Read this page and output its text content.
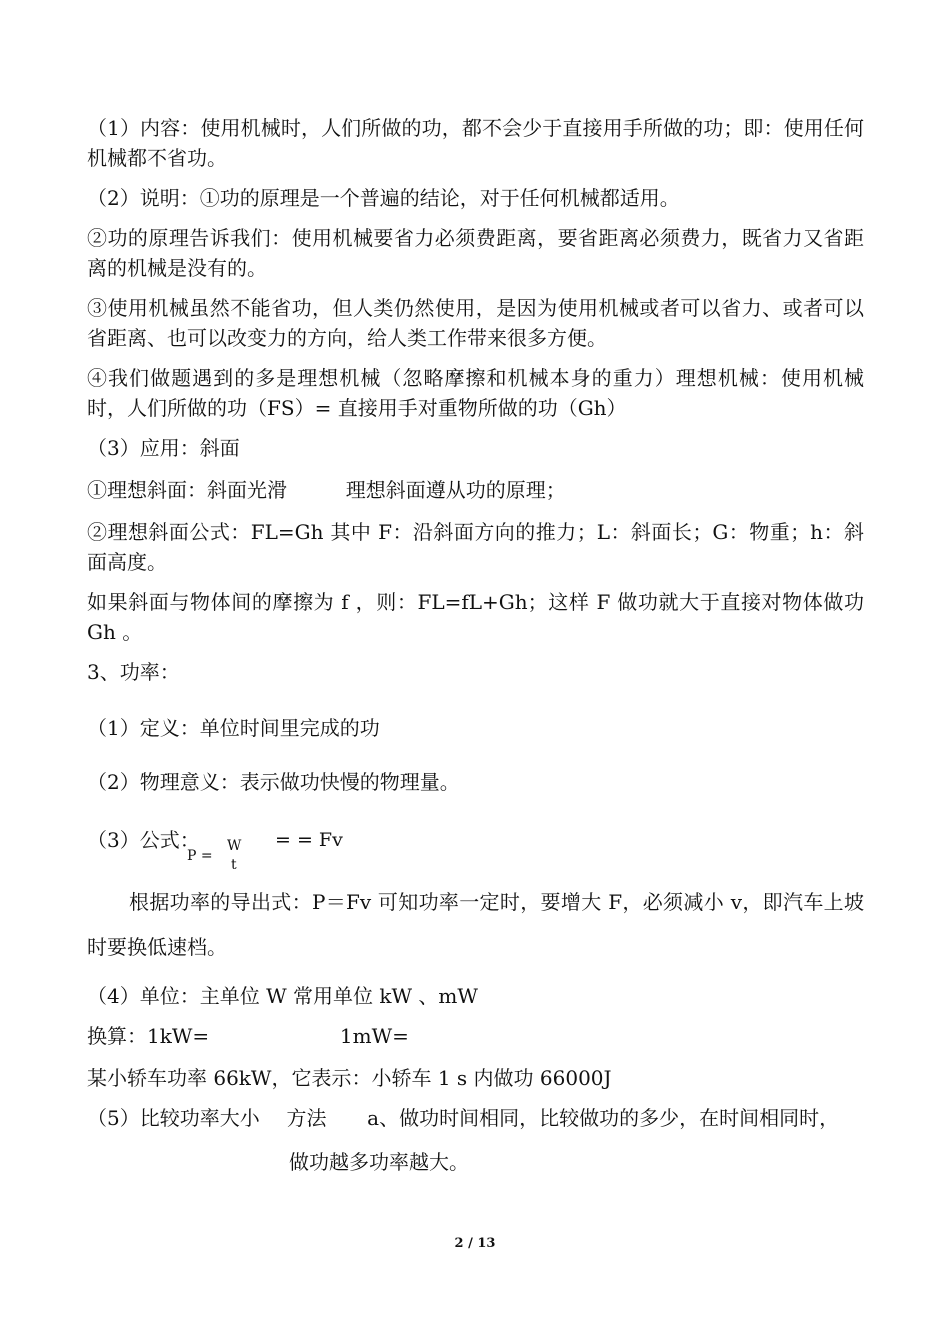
（1）内容：使用机械时，人们所做的功，都不会少于直接用手所做的功；即：使用任何机械都不省功。
（2）说明：①功的原理是一个普遍的结论，对于任何机械都适用。
②功的原理告诉我们：使用机械要省力必须费距离，要省距离必须费力，既省力又省距离的机械是没有的。
③使用机械虽然不能省功，但人类仍然使用，是因为使用机械或者可以省力、或者可以省距离、也可以改变力的方向，给人类工作带来很多方便。
④我们做题遇到的多是理想机械（忽略摩擦和机械本身的重力）理想机械：使用机械时，人们所做的功（FS）= 直接用手对重物所做的功（Gh）
（3）应用：斜面
①理想斜面：斜面光滑	理想斜面遵从功的原理；
②理想斜面公式：FL=Gh 其中 F：沿斜面方向的推力；L：斜面长；G：物重；h：斜面高度。
如果斜面与物体间的摩擦为 f ，则：FL=fL+Gh；这样 F 做功就大于直接对物体做功 Gh 。
3、功率：
（1）定义：单位时间里完成的功
（2）物理意义：表示做功快慢的物理量。
（3）公式：
P =
W
t
= = Fv
根据功率的导出式：P＝Fv 可知功率一定时，要增大 F，必须减小 v，即汽车上坡时要换低速档。
（4）单位：主单位 W 常用单位 kW 、mW
换算：1kW=	1mW=
某小轿车功率 66kW，它表示：小轿车 1 s 内做功 66000J
（5）比较功率大小 方法 a、做功时间相同，比较做功的多少，在时间相同时，
做功越多功率越大。
2 / 13
